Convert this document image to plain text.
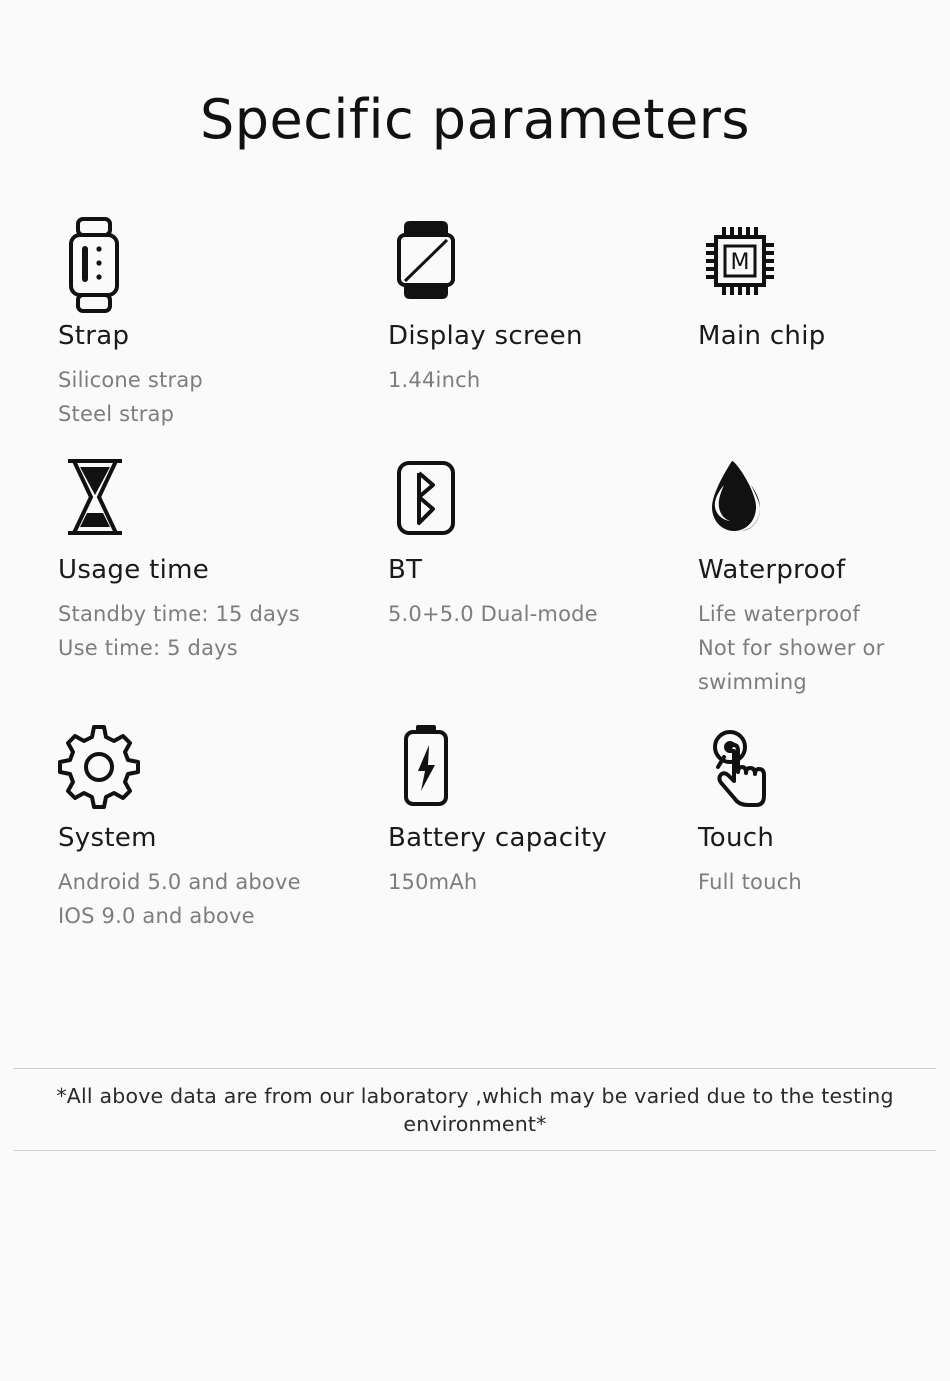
Specific parameters
Strap
Silicone strap
Steel strap
Display screen
1.44inch
M
Main chip
Usage time
Standby time: 15 days
Use time: 5 days
BT
5.0+5.0 Dual-mode
Waterproof
Life waterproof
Not for shower or
swimming
System
Android 5.0 and above
IOS 9.0 and above
Battery capacity
150mAh
Touch
Full touch
*All above data are from our laboratory ,which may be varied due to the testing environment*
